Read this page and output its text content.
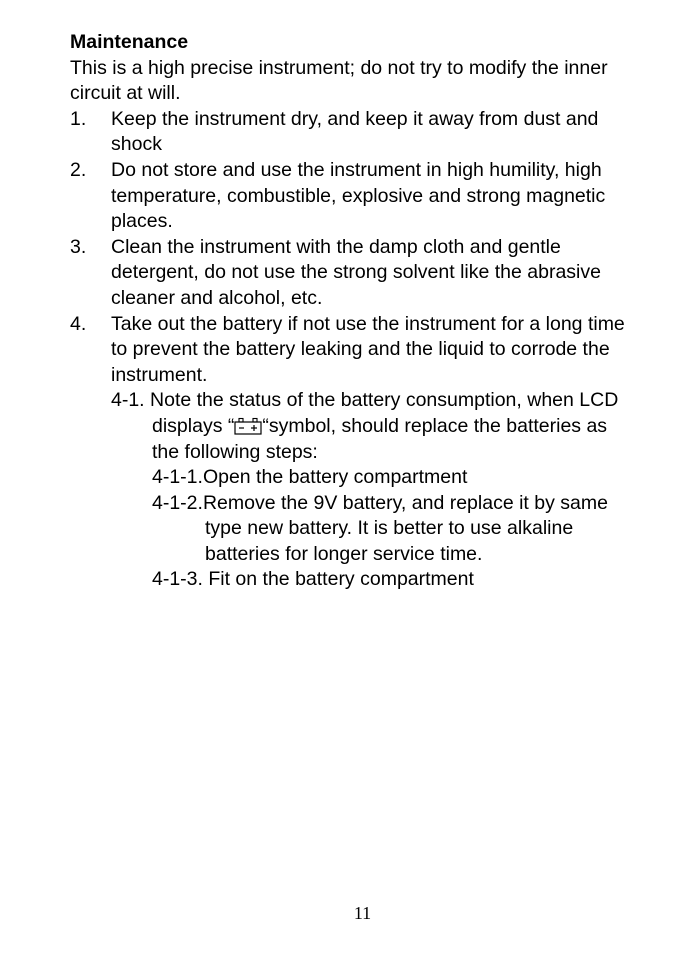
Maintenance
This is a high precise instrument; do not try to modify the inner
circuit at will.
1. Keep the instrument dry, and keep it away from dust and
shock
2. Do not store and use the instrument in high humility, high
temperature, combustible, explosive and strong magnetic
places.
3. Clean the instrument with the damp cloth and gentle
detergent, do not use the strong solvent like the abrasive
cleaner and alcohol, etc.
4. Take out the battery if not use the instrument for a long time
to prevent the battery leaking and the liquid to corrode the
instrument.
4-1. Note the status of the battery consumption, when LCD
displays “ “symbol, should replace the batteries as
the following steps:
4-1-1.Open the battery compartment
4-1-2.Remove the 9V battery, and replace it by same
type new battery. It is better to use alkaline
batteries for longer service time.
4-1-3. Fit on the battery compartment
11
